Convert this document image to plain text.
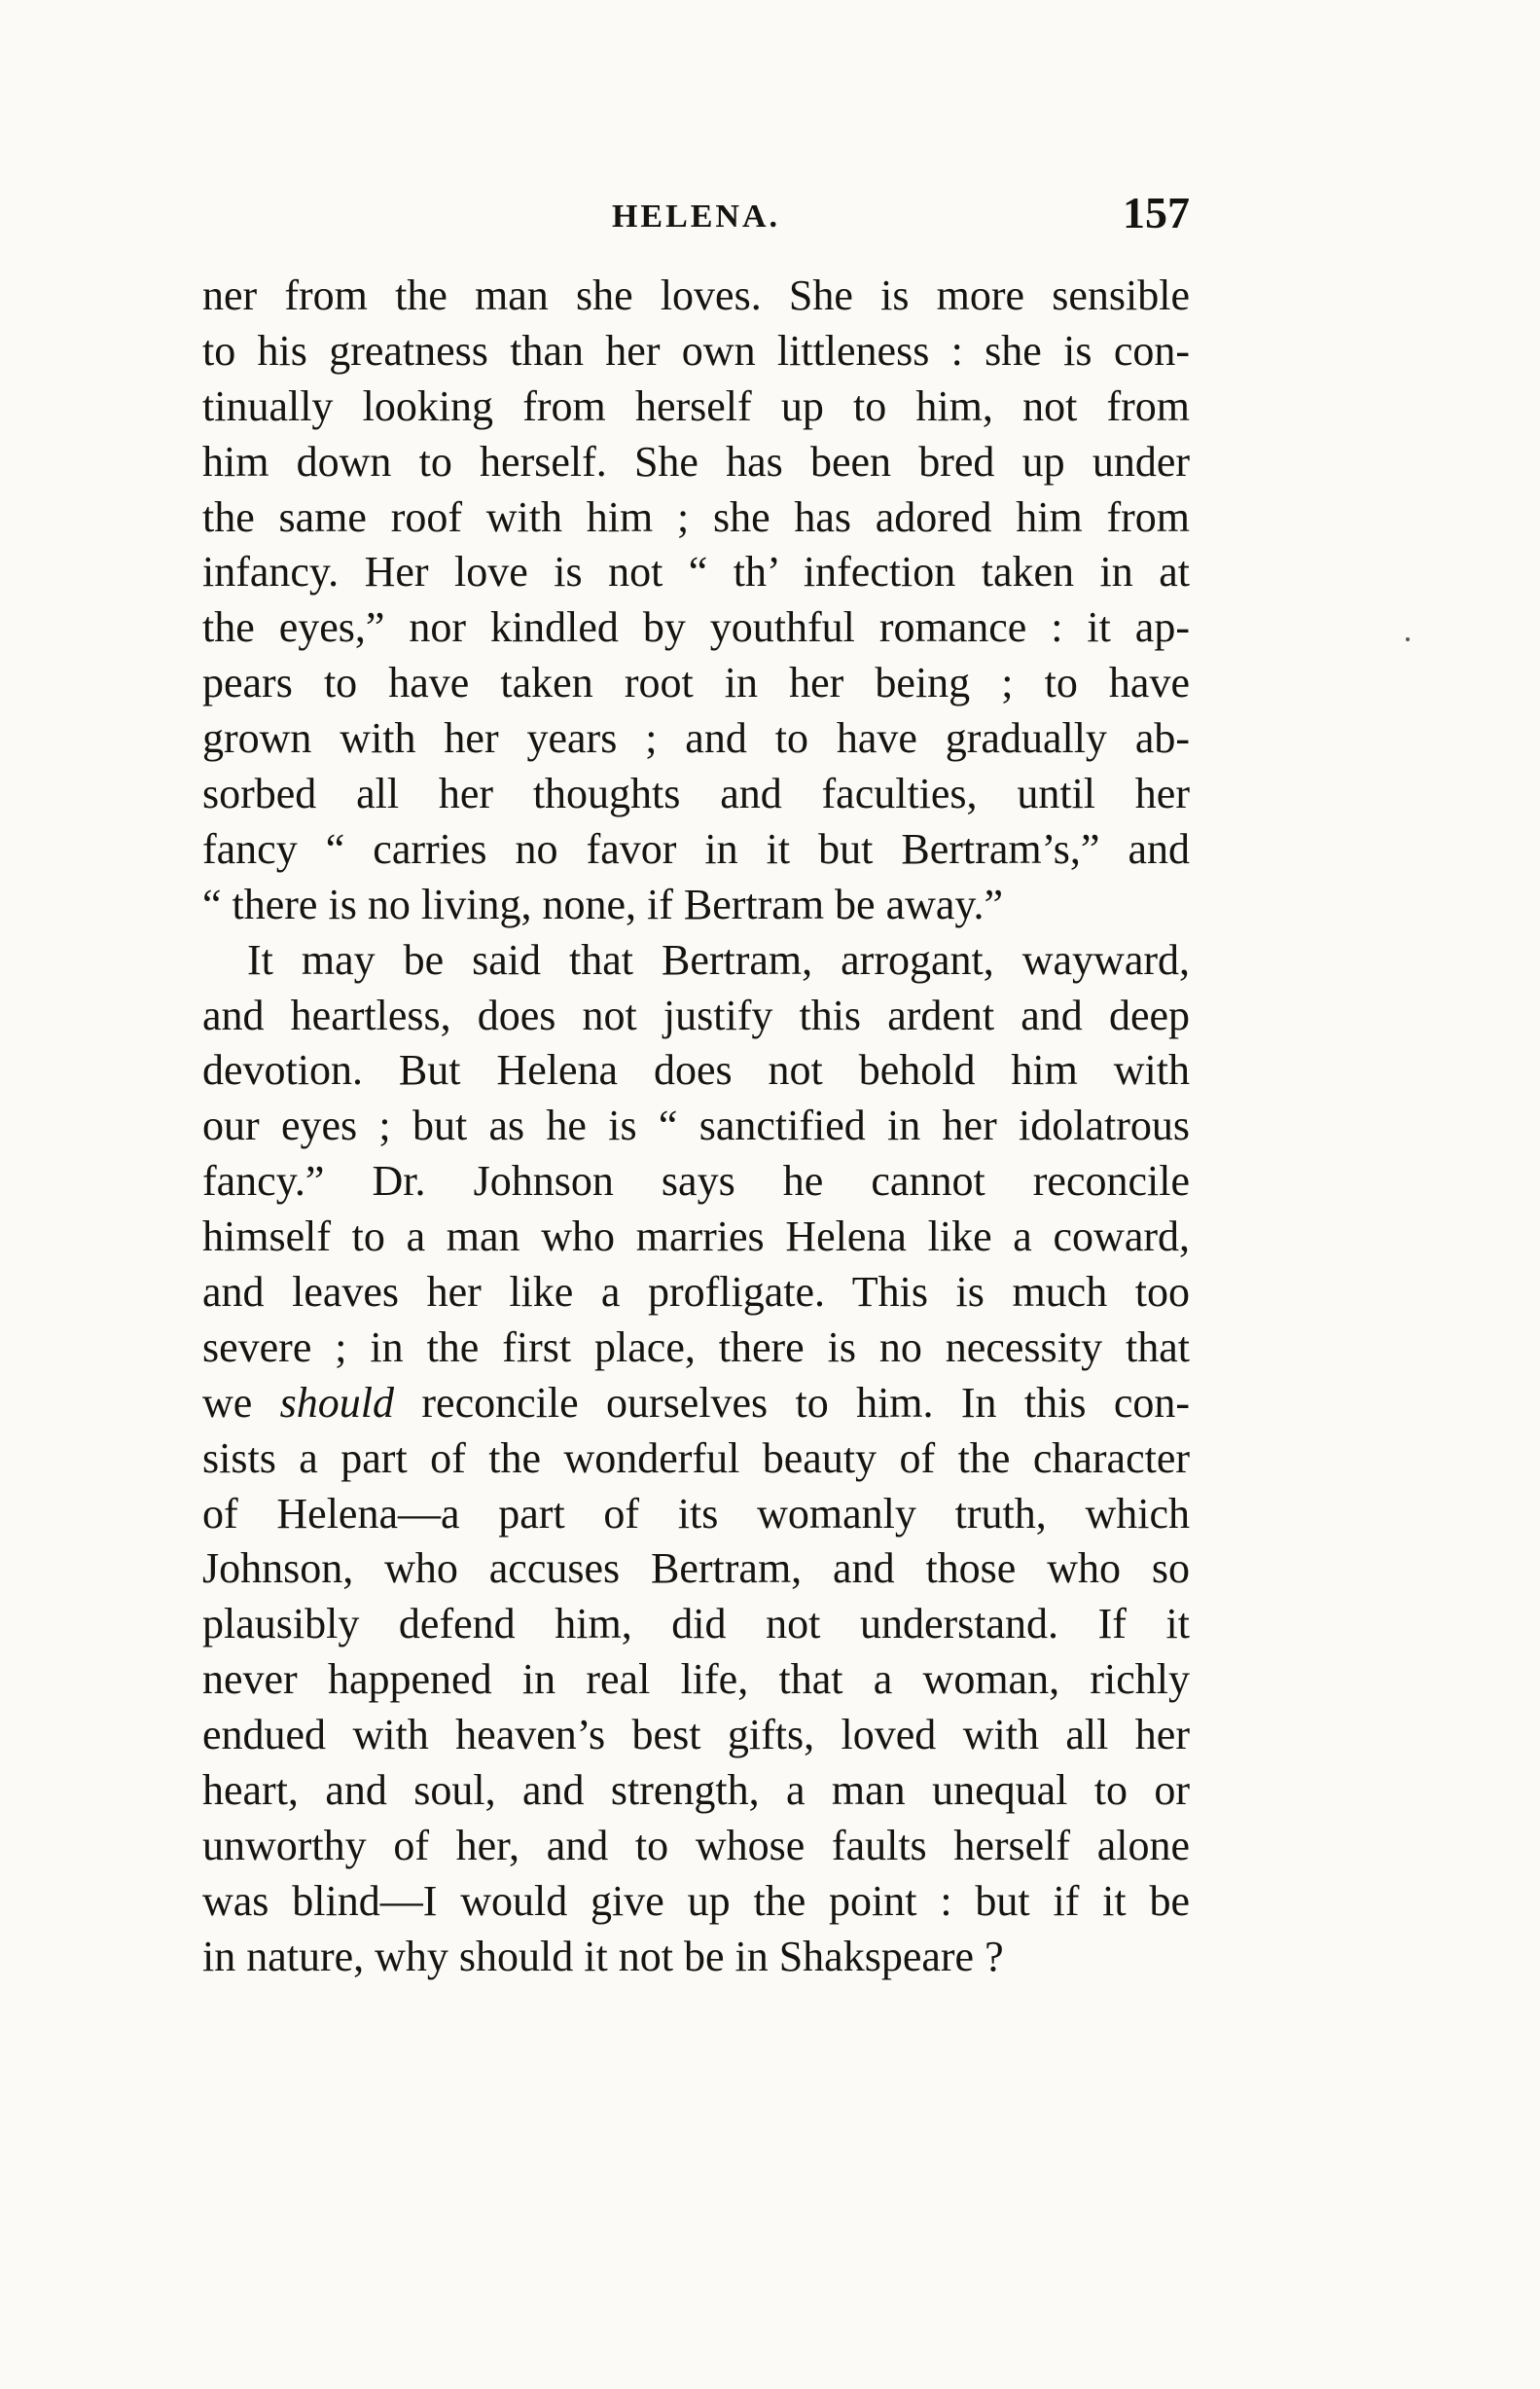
HELENA.	157
ner from the man she loves. She is more sensible
to his greatness than her own littleness : she is con-
tinually looking from herself up to him, not from
him down to herself. She has been bred up under
the same roof with him ; she has adored him from
infancy. Her love is not “ th’ infection taken in at
the eyes,” nor kindled by youthful romance : it ap-
pears to have taken root in her being ; to have
grown with her years ; and to have gradually ab-
sorbed all her thoughts and faculties, until her
fancy “ carries no favor in it but Bertram’s,” and
“ there is no living, none, if Bertram be away.”
It may be said that Bertram, arrogant, wayward,
and heartless, does not justify this ardent and deep
devotion. But Helena does not behold him with
our eyes ; but as he is “ sanctified in her idolatrous
fancy.” Dr. Johnson says he cannot reconcile
himself to a man who marries Helena like a coward,
and leaves her like a profligate. This is much too
severe ; in the first place, there is no necessity that
we should reconcile ourselves to him. In this con-
sists a part of the wonderful beauty of the character
of Helena—a part of its womanly truth, which
Johnson, who accuses Bertram, and those who so
plausibly defend him, did not understand. If it
never happened in real life, that a woman, richly
endued with heaven’s best gifts, loved with all her
heart, and soul, and strength, a man unequal to or
unworthy of her, and to whose faults herself alone
was blind—I would give up the point : but if it be
in nature, why should it not be in Shakspeare ?
